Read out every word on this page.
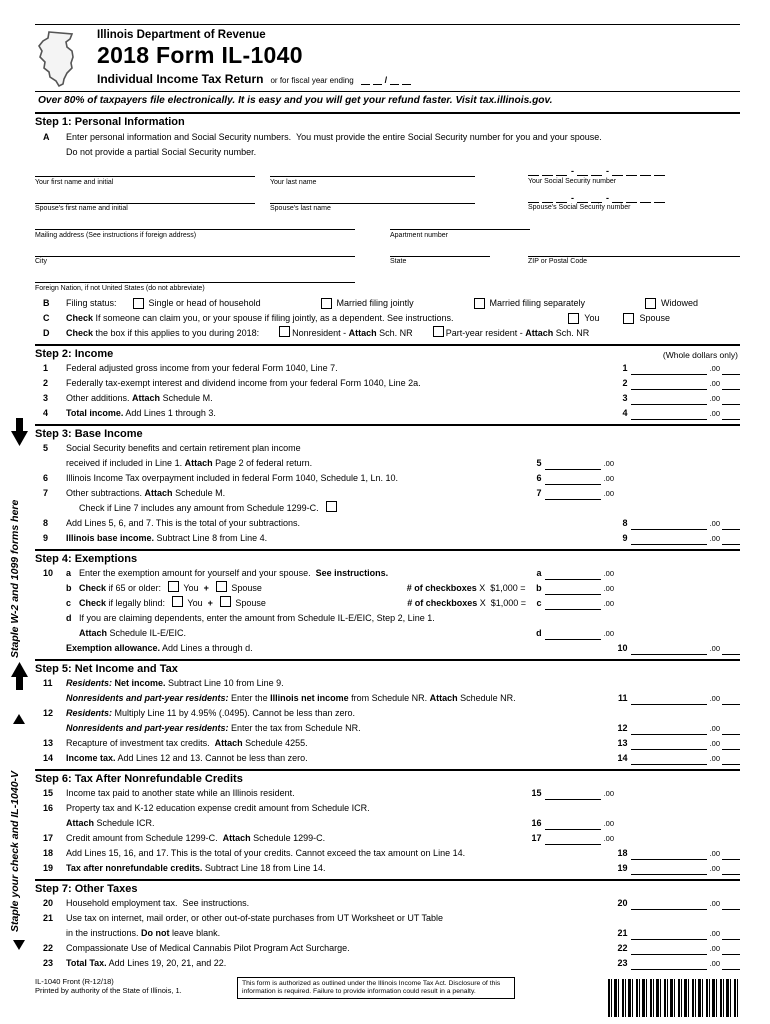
Staple W-2 and 1099 forms here
Staple your check and IL-1040-V
Illinois Department of Revenue
2018 Form IL-1040
Individual Income Tax Return or for fiscal year ending	/
Over 80% of taxpayers file electronically. It is easy and you will get your refund faster. Visit tax.illinois.gov.
Step 1: Personal Information
A	Enter personal information and Social Security numbers.  You must provide the entire Social Security number for you and your spouse.
Do not provide a partial Social Security number.
Your first name and initial	Your last name
-	-
Your Social Security number
Spouse's first name and initial	Spouse's last name
-	-
Spouse's Social Security number
Mailing address (See instructions if foreign address)	Apartment number
City	State	ZIP or Postal Code
Foreign Nation, if not United States (do not abbreviate)
B	Filing status:	Single or head of household	Married filing jointly	Married filing separately	Widowed
C	Check If someone can claim you, or your spouse if filing jointly, as a dependent. See instructions.	You	Spouse
D	Check the box if this applies to you during 2018:	Nonresident - Attach Sch. NR	Part-year resident - Attach Sch. NR
Step 2: Income	(Whole dollars only)
1	Federal adjusted gross income from your federal Form 1040, Line 7.	1	.00
2	Federally tax-exempt interest and dividend income from your federal Form 1040, Line 2a.	2	.00
3	Other additions. Attach Schedule M.	3	.00
4	Total income. Add Lines 1 through 3.	4	.00
Step 3: Base Income
5	Social Security benefits and certain retirement plan income
received if included in Line 1. Attach Page 2 of federal return.	5	.00
6	Illinois Income Tax overpayment included in federal Form 1040, Schedule 1, Ln. 10.	6	.00
7	Other subtractions. Attach Schedule M.	7	.00
Check if Line 7 includes any amount from Schedule 1299-C.
8	Add Lines 5, 6, and 7. This is the total of your subtractions.	8	.00
9	Illinois base income. Subtract Line 8 from Line 4.	9	.00
Step 4: Exemptions
10	a Enter the exemption amount for yourself and your spouse.  See instructions.	a	.00
b Check if 65 or older:   You  +   Spouse	# of checkboxes X  $1,000 = b	.00
c Check if legally blind:   You  +   Spouse	# of checkboxes X  $1,000 = c	.00
d If you are claiming dependents, enter the amount from Schedule IL-E/EIC, Step 2, Line 1.
Attach Schedule IL-E/EIC.	d	.00
Exemption allowance. Add Lines a through d.	10	.00
Step 5: Net Income and Tax
11	Residents: Net income. Subtract Line 10 from Line 9.
Nonresidents and part-year residents: Enter the Illinois net income from Schedule NR. Attach Schedule NR.	11	.00
12	Residents: Multiply Line 11 by 4.95% (.0495). Cannot be less than zero.
Nonresidents and part-year residents: Enter the tax from Schedule NR.	12	.00
13	Recapture of investment tax credits.  Attach Schedule 4255.	13	.00
14	Income tax. Add Lines 12 and 13. Cannot be less than zero.	14	.00
Step 6: Tax After Nonrefundable Credits
15	Income tax paid to another state while an Illinois resident.	15	.00
16	Property tax and K-12 education expense credit amount from Schedule ICR.
Attach Schedule ICR.	16	.00
17	Credit amount from Schedule 1299-C.  Attach Schedule 1299-C.	17	.00
18	Add Lines 15, 16, and 17. This is the total of your credits. Cannot exceed the tax amount on Line 14.	18	.00
19	Tax after nonrefundable credits. Subtract Line 18 from Line 14.	19	.00
Step 7: Other Taxes
20	Household employment tax.  See instructions.	20	.00
21	Use tax on internet, mail order, or other out-of-state purchases from UT Worksheet or UT Table
in the instructions. Do not leave blank.	21	.00
22	Compassionate Use of Medical Cannabis Pilot Program Act Surcharge.	22	.00
23	Total Tax. Add Lines 19, 20, 21, and 22.	23	.00
IL-1040 Front (R-12/18)
Printed by authority of the State of Illinois, 1.
This form is authorized as outlined under the Illinois Income Tax Act. Disclosure of this information is required. Failure to provide information could result in a penalty.
